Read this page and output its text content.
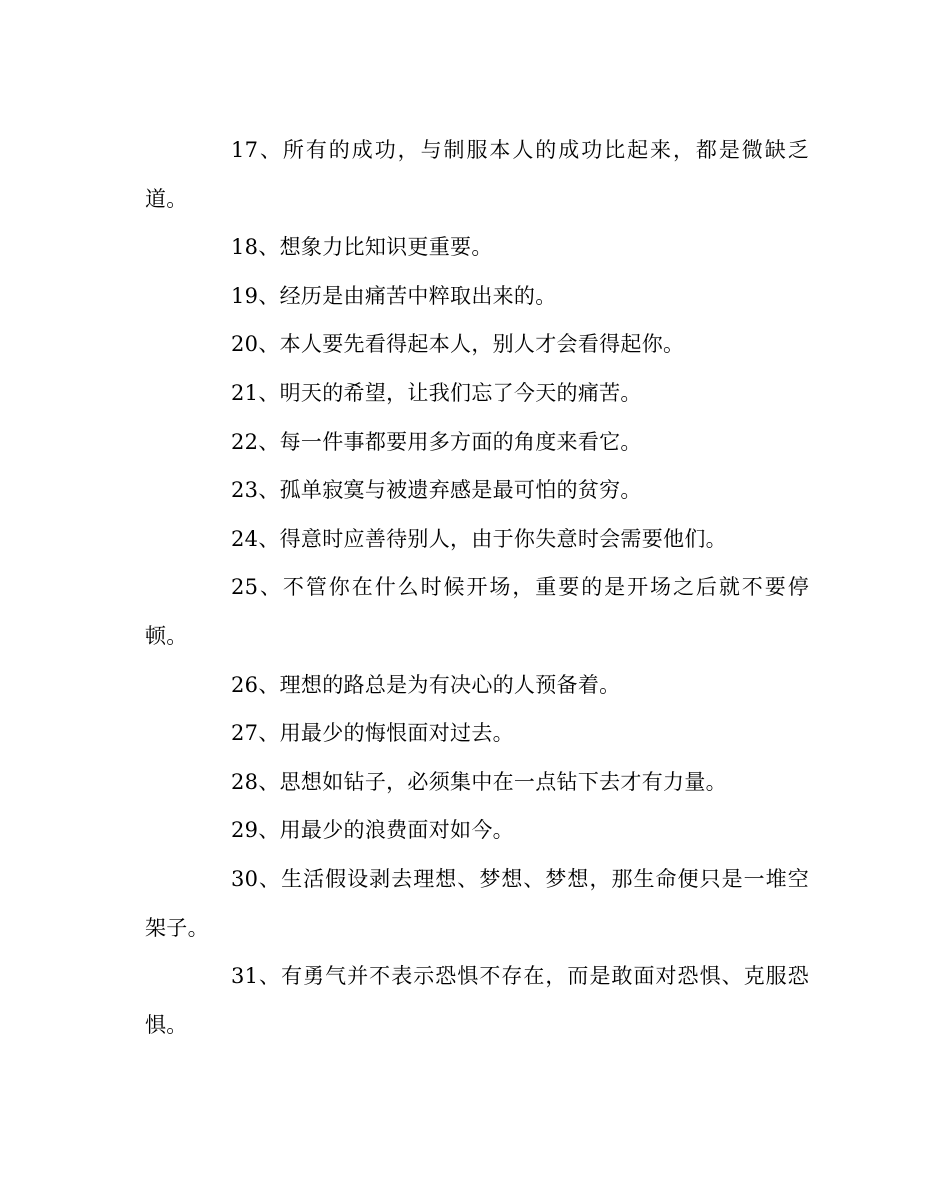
17、所有的成功，与制服本人的成功比起来，都是微缺乏道。

18、想象力比知识更重要。

19、经历是由痛苦中粹取出来的。

20、本人要先看得起本人，别人才会看得起你。

21、明天的希望，让我们忘了今天的痛苦。

22、每一件事都要用多方面的角度来看它。

23、孤单寂寞与被遗弃感是最可怕的贫穷。

24、得意时应善待别人，由于你失意时会需要他们。

25、不管你在什么时候开场，重要的是开场之后就不要停顿。

26、理想的路总是为有决心的人预备着。

27、用最少的悔恨面对过去。

28、思想如钻子，必须集中在一点钻下去才有力量。

29、用最少的浪费面对如今。

30、生活假设剥去理想、梦想、梦想，那生命便只是一堆空架子。

31、有勇气并不表示恐惧不存在，而是敢面对恐惧、克服恐惧。
